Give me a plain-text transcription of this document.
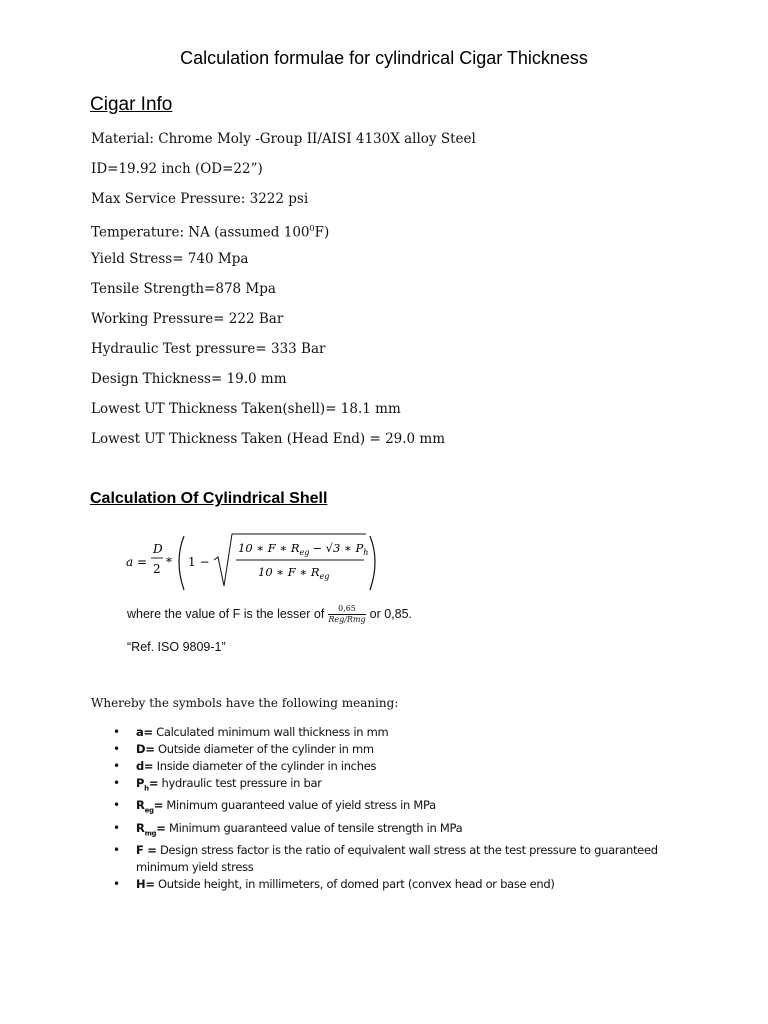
Calculation formulae for cylindrical Cigar Thickness
Cigar Info
Material: Chrome Moly -Group II/AISI 4130X alloy Steel
ID=19.92 inch (OD=22”)
Max Service Pressure: 3222 psi
Temperature: NA (assumed $100^0F$)
Yield Stress= 740 Mpa
Tensile Strength=878 Mpa
Working Pressure= 222 Bar
Hydraulic Test pressure= 333 Bar
Design Thickness= 19.0 mm
Lowest UT Thickness Taken(shell)= 18.1 mm
Lowest UT Thickness Taken (Head End) = 29.0 mm
Calculation Of Cylindrical Shell
a =
D
2 * 1 −
10 ∗ F ∗ $R_{eg} - √3$ ∗ $P_h$
10 ∗ F ∗ $R_{eg}$
where the value of F is the lesser of $\frac{0,65}{\text{Reg/Rmg}}$ or 0,85.
“Ref. ISO 9809-1”
Whereby the symbols have the following meaning:
• a= Calculated minimum wall thickness in mm
• D= Outside diameter of the cylinder in mm
• d= Inside diameter of the cylinder in inches
• $P_h=$ hydraulic test pressure in bar
• $R_{eg}=$ Minimum guaranteed value of yield stress in MPa
• $R_{mg}=$ Minimum guaranteed value of tensile strength in MPa
• F = Design stress factor is the ratio of equivalent wall stress at the test pressure to guaranteed minimum yield stress
• H= Outside height, in millimeters, of domed part (convex head or base end)
